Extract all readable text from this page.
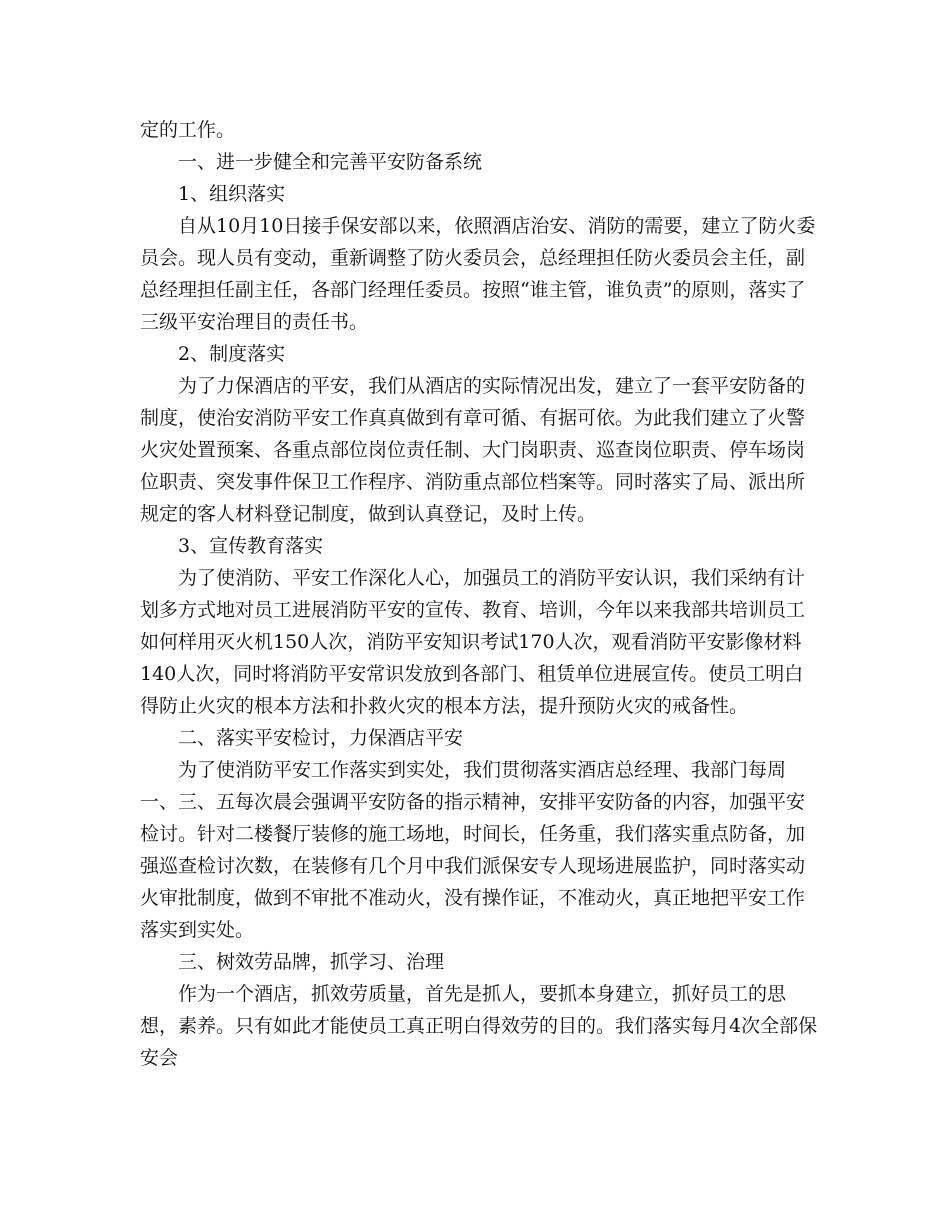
定的工作。

一、进一步健全和完善平安防备系统

1、组织落实

自从10月10日接手保安部以来，依照酒店治安、消防的需要，建立了防火委员会。现人员有变动，重新调整了防火委员会，总经理担任防火委员会主任，副总经理担任副主任，各部门经理任委员。按照“谁主管，谁负责”的原则，落实了三级平安治理目的责任书。

2、制度落实

为了力保酒店的平安，我们从酒店的实际情况出发，建立了一套平安防备的制度，使治安消防平安工作真真做到有章可循、有据可依。为此我们建立了火警火灾处置预案、各重点部位岗位责任制、大门岗职责、巡查岗位职责、停车场岗位职责、突发事件保卫工作程序、消防重点部位档案等。同时落实了局、派出所规定的客人材料登记制度，做到认真登记，及时上传。

3、宣传教育落实

为了使消防、平安工作深化人心，加强员工的消防平安认识，我们采纳有计划多方式地对员工进展消防平安的宣传、教育、培训，今年以来我部共培训员工如何样用灭火机150人次，消防平安知识考试170人次，观看消防平安影像材料140人次，同时将消防平安常识发放到各部门、租赁单位进展宣传。使员工明白得防止火灾的根本方法和扑救火灾的根本方法，提升预防火灾的戒备性。

二、落实平安检讨，力保酒店平安

为了使消防平安工作落实到实处，我们贯彻落实酒店总经理、我部门每周一、三、五每次晨会强调平安防备的指示精神，安排平安防备的内容，加强平安检讨。针对二楼餐厅装修的施工场地，时间长，任务重，我们落实重点防备，加强巡查检讨次数，在装修有几个月中我们派保安专人现场进展监护，同时落实动火审批制度，做到不审批不准动火，没有操作证，不准动火，真正地把平安工作落实到实处。

三、树效劳品牌，抓学习、治理

作为一个酒店，抓效劳质量，首先是抓人，要抓本身建立，抓好员工的思想，素养。只有如此才能使员工真正明白得效劳的目的。我们落实每月4次全部保安会
